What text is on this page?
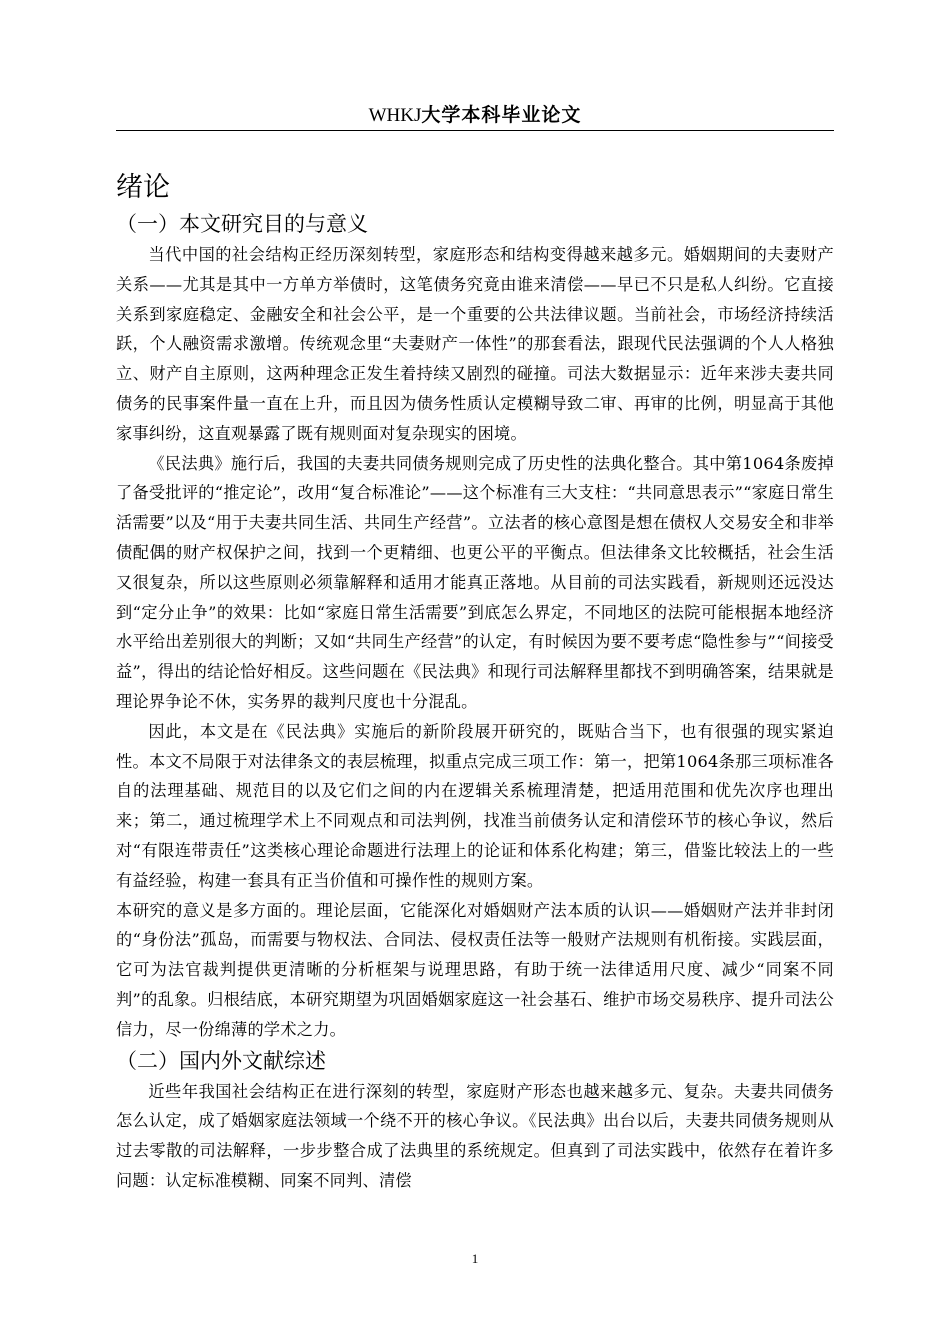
WHKJ大学本科毕业论文
绪论
（一）本文研究目的与意义

当代中国的社会结构正经历深刻转型，家庭形态和结构变得越来越多元。婚姻期间的夫妻财产关系——尤其是其中一方单方举债时，这笔债务究竟由谁来清偿——早已不只是私人纠纷。它直接关系到家庭稳定、金融安全和社会公平，是一个重要的公共法律议题。当前社会，市场经济持续活跃，个人融资需求激增。传统观念里“夫妻财产一体性”的那套看法，跟现代民法强调的个人人格独立、财产自主原则，这两种理念正发生着持续又剧烈的碰撞。司法大数据显示：近年来涉夫妻共同债务的民事案件量一直在上升，而且因为债务性质认定模糊导致二审、再审的比例，明显高于其他家事纠纷，这直观暴露了既有规则面对复杂现实的困境。

《民法典》施行后，我国的夫妻共同债务规则完成了历史性的法典化整合。其中第1064条废掉了备受批评的“推定论”，改用“复合标准论”——这个标准有三大支柱：“共同意思表示”“家庭日常生活需要”以及“用于夫妻共同生活、共同生产经营”。立法者的核心意图是想在债权人交易安全和非举债配偶的财产权保护之间，找到一个更精细、也更公平的平衡点。但法律条文比较概括，社会生活又很复杂，所以这些原则必须靠解释和适用才能真正落地。从目前的司法实践看，新规则还远没达到“定分止争”的效果：比如“家庭日常生活需要”到底怎么界定，不同地区的法院可能根据本地经济水平给出差别很大的判断；又如“共同生产经营”的认定，有时候因为要不要考虑“隐性参与”“间接受益”，得出的结论恰好相反。这些问题在《民法典》和现行司法解释里都找不到明确答案，结果就是理论界争论不休，实务界的裁判尺度也十分混乱。

因此，本文是在《民法典》实施后的新阶段展开研究的，既贴合当下，也有很强的现实紧迫性。本文不局限于对法律条文的表层梳理，拟重点完成三项工作：第一，把第1064条那三项标准各自的法理基础、规范目的以及它们之间的内在逻辑关系梳理清楚，把适用范围和优先次序也理出来；第二，通过梳理学术上不同观点和司法判例，找准当前债务认定和清偿环节的核心争议，然后对“有限连带责任”这类核心理论命题进行法理上的论证和体系化构建；第三，借鉴比较法上的一些有益经验，构建一套具有正当价值和可操作性的规则方案。

本研究的意义是多方面的。理论层面，它能深化对婚姻财产法本质的认识——婚姻财产法并非封闭的“身份法”孤岛，而需要与物权法、合同法、侵权责任法等一般财产法规则有机衔接。实践层面，它可为法官裁判提供更清晰的分析框架与说理思路，有助于统一法律适用尺度、减少“同案不同判”的乱象。归根结底，本研究期望为巩固婚姻家庭这一社会基石、维护市场交易秩序、提升司法公信力，尽一份绵薄的学术之力。

（二）国内外文献综述

近些年我国社会结构正在进行深刻的转型，家庭财产形态也越来越多元、复杂。夫妻共同债务怎么认定，成了婚姻家庭法领域一个绕不开的核心争议。《民法典》出台以后，夫妻共同债务规则从过去零散的司法解释，一步步整合成了法典里的系统规定。但真到了司法实践中，依然存在着许多问题：认定标准模糊、同案不同判、清偿

1
